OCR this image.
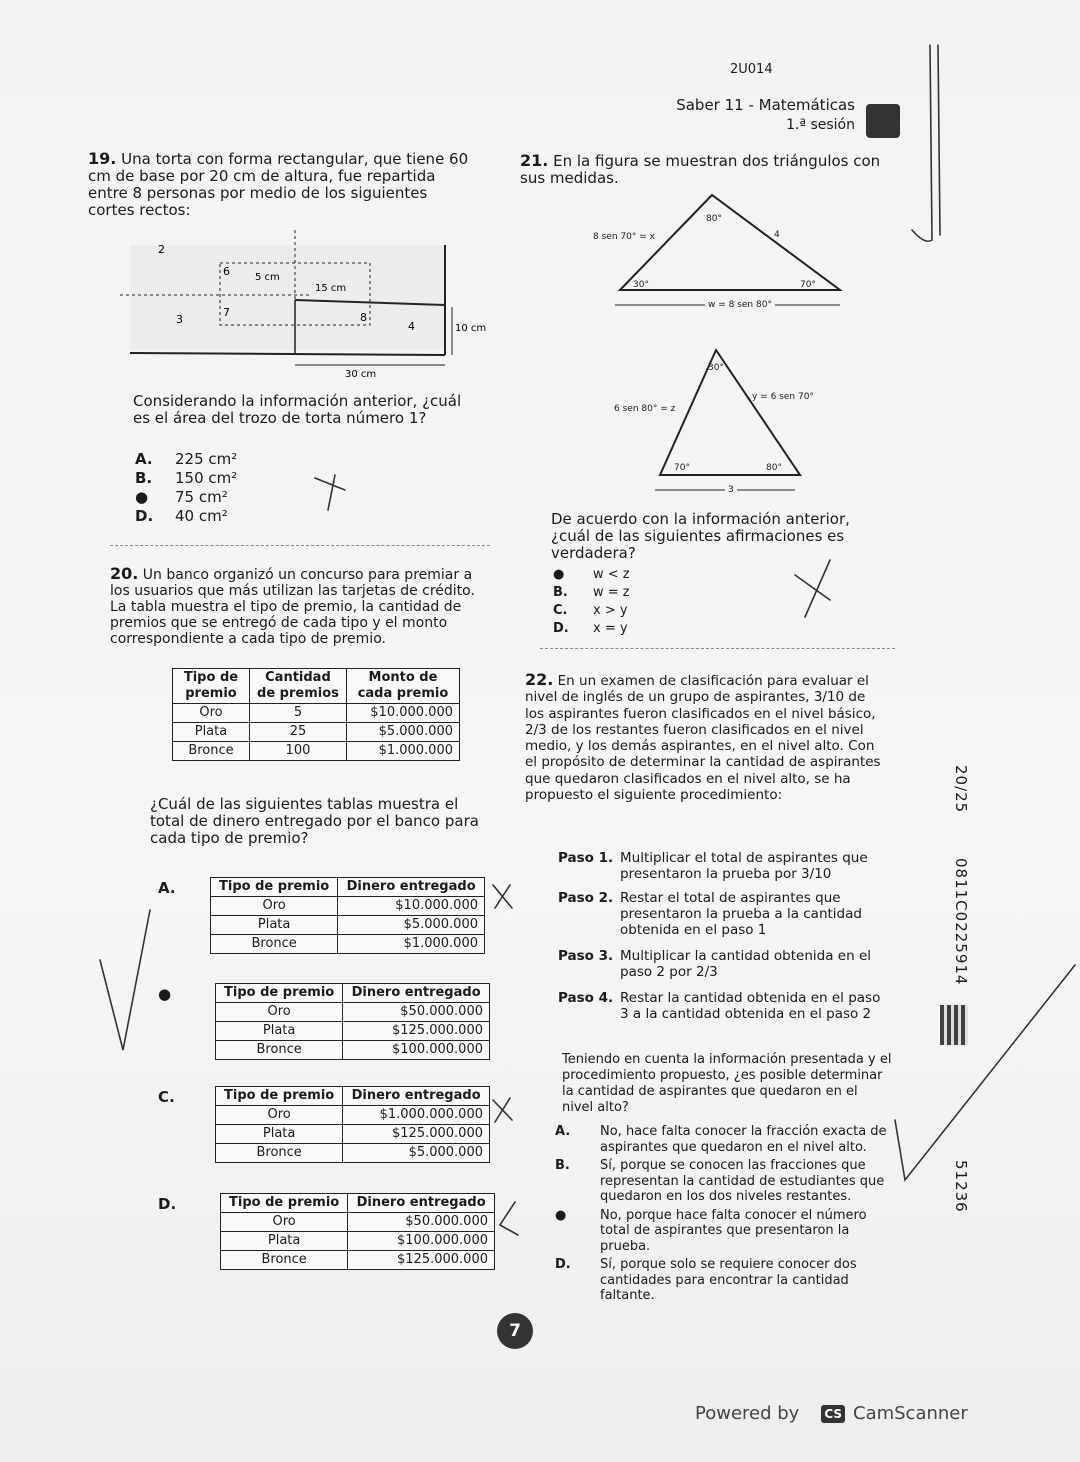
2U014
Saber 11 - Matemáticas
1.ª sesión
19. Una torta con forma rectangular, que tiene 60 cm de base por 20 cm de altura, fue repartida entre 8 personas por medio de los siguientes cortes rectos:
2
3
4
6
7	8
5 cm
15 cm
10 cm
30 cm
Considerando la información anterior, ¿cuál es el área del trozo de torta número 1?
A. 225 cm²
B. 150 cm²
● 75 cm²
D. 40 cm²
20. Un banco organizó un concurso para premiar a los usuarios que más utilizan las tarjetas de crédito. La tabla muestra el tipo de premio, la cantidad de premios que se entregó de cada tipo y el monto correspondiente a cada tipo de premio.
Tipo de premio	Cantidad de premios	Monto de cada premio
Oro	5	$10.000.000
Plata	25	$5.000.000
Bronce	100	$1.000.000
¿Cuál de las siguientes tablas muestra el total de dinero entregado por el banco para cada tipo de premio?
A.	Tipo de premio	Dinero entregado
Oro	$10.000.000
Plata	$5.000.000
Bronce	$1.000.000
●	Tipo de premio	Dinero entregado
Oro	$50.000.000
Plata	$125.000.000
Bronce	$100.000.000
C.	Tipo de premio	Dinero entregado
Oro	$1.000.000.000
Plata	$125.000.000
Bronce	$5.000.000
D.	Tipo de premio	Dinero entregado
Oro	$50.000.000
Plata	$100.000.000
Bronce	$125.000.000
7
21. En la figura se muestran dos triángulos con sus medidas.
80°
30°	70°
8 sen 70° = x	4
w = 8 sen 80°
30°
70°	80°
6 sen 80° = z
y = 6 sen 70°
3
De acuerdo con la información anterior, ¿cuál de las siguientes afirmaciones es verdadera?
● w < z
B. w = z
C. x > y
D. x = y
22. En un examen de clasificación para evaluar el nivel de inglés de un grupo de aspirantes, 3/10 de los aspirantes fueron clasificados en el nivel básico, 2/3 de los restantes fueron clasificados en el nivel medio, y los demás aspirantes, en el nivel alto. Con el propósito de determinar la cantidad de aspirantes que quedaron clasificados en el nivel alto, se ha propuesto el siguiente procedimiento:
Paso 1. Multiplicar el total de aspirantes que presentaron la prueba por 3/10
Paso 2. Restar el total de aspirantes que presentaron la prueba a la cantidad obtenida en el paso 1
Paso 3. Multiplicar la cantidad obtenida en el paso 2 por 2/3
Paso 4. Restar la cantidad obtenida en el paso 3 a la cantidad obtenida en el paso 2
Teniendo en cuenta la información presentada y el procedimiento propuesto, ¿es posible determinar la cantidad de aspirantes que quedaron en el nivel alto?
A.	No, hace falta conocer la fracción exacta de aspirantes que quedaron en el nivel alto.
B.	Sí, porque se conocen las fracciones que representan la cantidad de estudiantes que quedaron en los dos niveles restantes.
●	No, porque hace falta conocer el número total de aspirantes que presentaron la prueba.
D.	Sí, porque solo se requiere conocer dos cantidades para encontrar la cantidad faltante.
20/25
0811C0225914
51236
Powered by CS CamScanner
